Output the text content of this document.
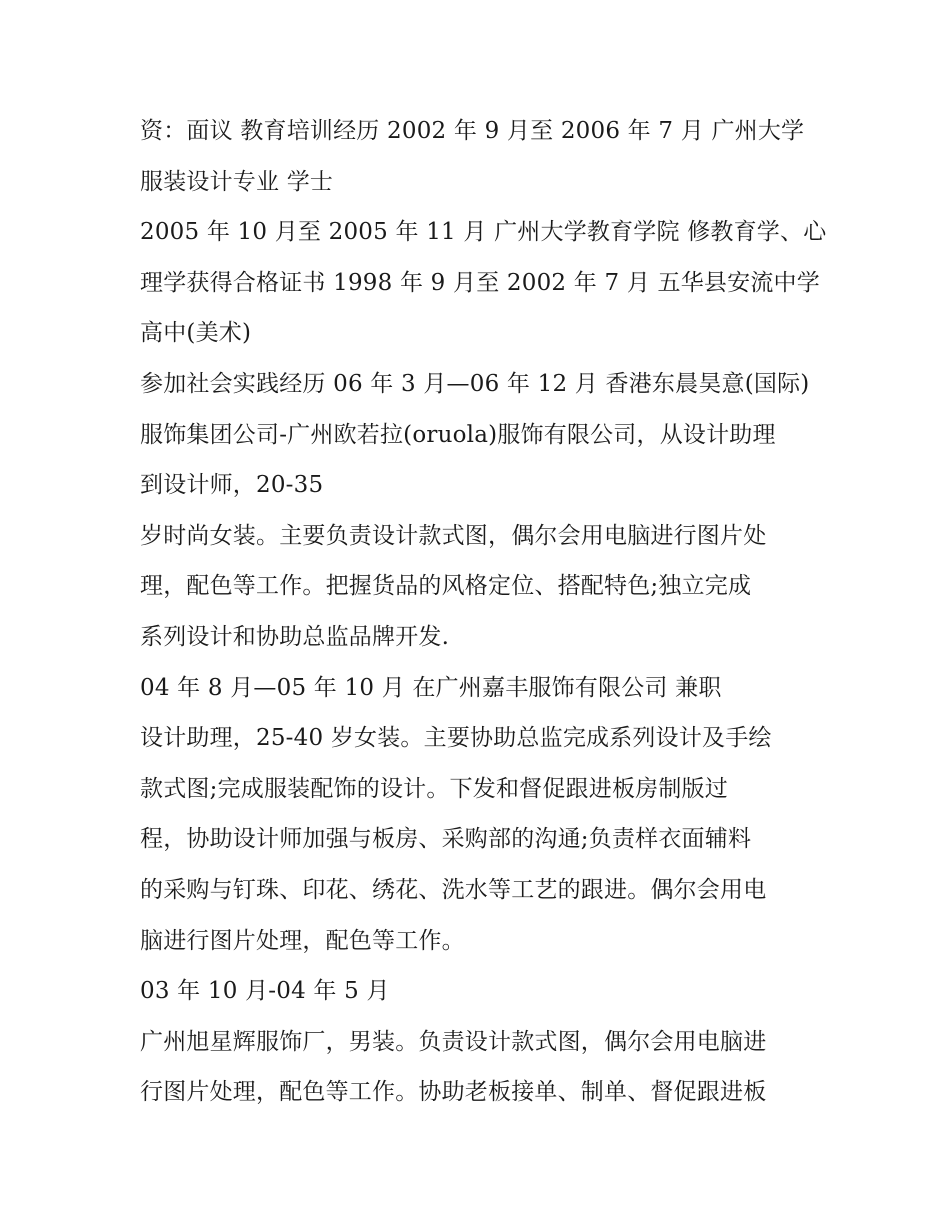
资：面议 教育培训经历 2002 年 9 月至 2006 年 7 月 广州大学
服装设计专业 学士
2005 年 10 月至 2005 年 11 月 广州大学教育学院 修教育学、心
理学获得合格证书 1998 年 9 月至 2002 年 7 月 五华县安流中学
高中(美术)
参加社会实践经历 06 年 3 月—06 年 12 月 香港东晨昊意(国际)
服饰集团公司-广州欧若拉(oruola)服饰有限公司，从设计助理
到设计师，20-35
岁时尚女装。主要负责设计款式图，偶尔会用电脑进行图片处
理，配色等工作。把握货品的风格定位、搭配特色;独立完成
系列设计和协助总监品牌开发.
04 年 8 月—05 年 10 月 在广州嘉丰服饰有限公司 兼职
设计助理，25-40 岁女装。主要协助总监完成系列设计及手绘
款式图;完成服装配饰的设计。下发和督促跟进板房制版过
程，协助设计师加强与板房、采购部的沟通;负责样衣面辅料
的采购与钉珠、印花、绣花、洗水等工艺的跟进。偶尔会用电
脑进行图片处理，配色等工作。
03 年 10 月-04 年 5 月
广州旭星辉服饰厂，男装。负责设计款式图，偶尔会用电脑进
行图片处理，配色等工作。协助老板接单、制单、督促跟进板
